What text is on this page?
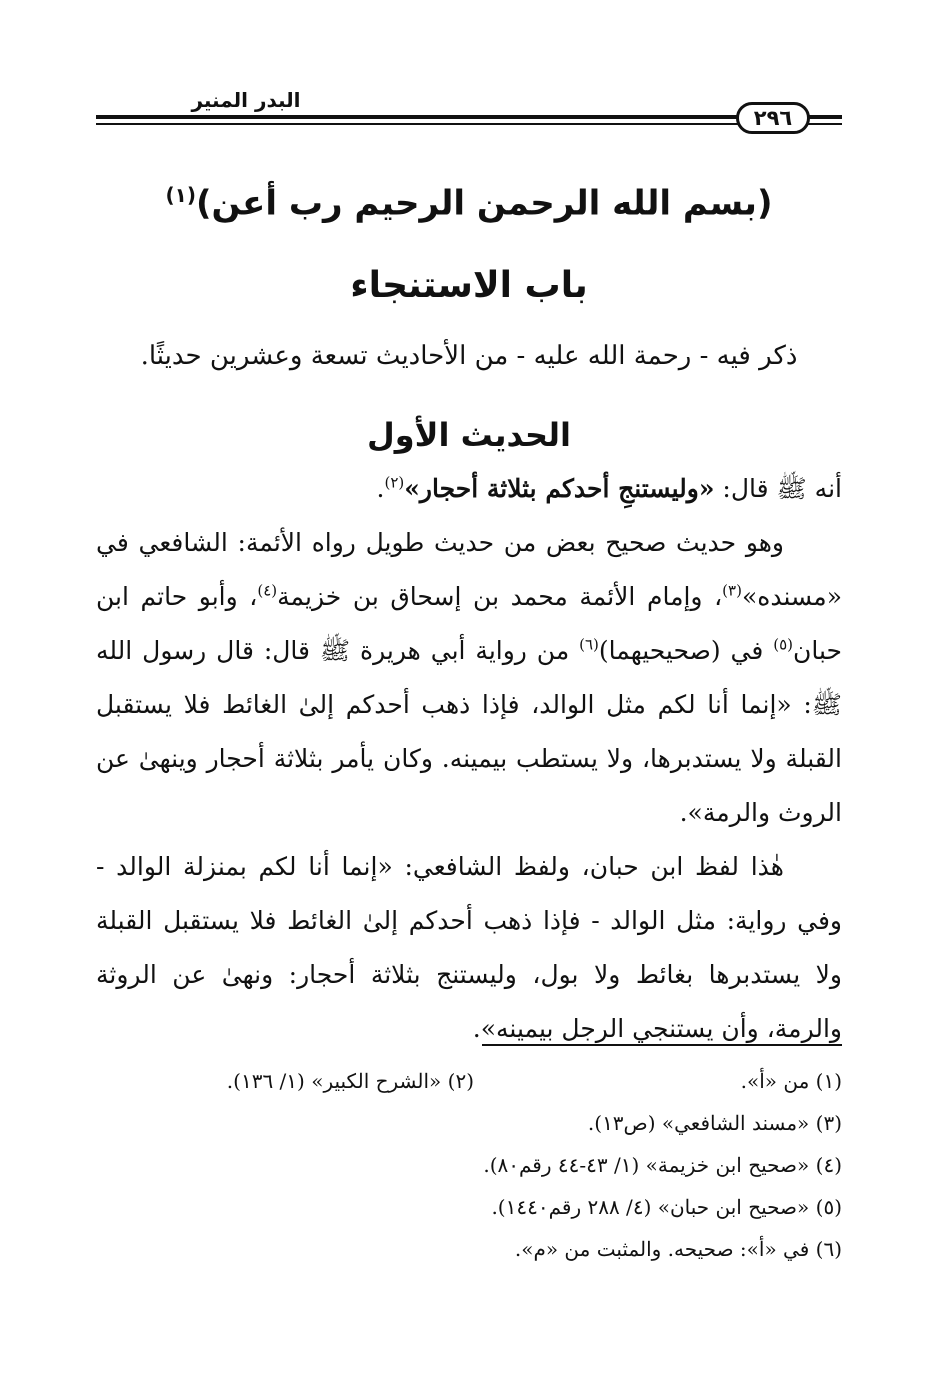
البدر المنير
٢٩٦
(بسم الله الرحمن الرحيم رب أعن)$^{(١)}$
باب الاستنجاء
ذكر فيه - رحمة الله عليه - من الأحاديث تسعة وعشرين حديثًا.
الحديث الأول

أنه ﷺ قال: «وليستنجِ أحدكم بثلاثة أحجار»$^{(٢)}$.

وهو حديث صحيح بعض من حديث طويل رواه الأئمة: الشافعي في «مسنده»$^{(٣)}$، وإمام الأئمة محمد بن إسحاق بن خزيمة$^{(٤)}$، وأبو حاتم ابن حبان$^{(٥)}$ في (صحيحيهما)$^{(٦)}$ من رواية أبي هريرة ﷺ قال: قال رسول الله ﷺ: «إنما أنا لكم مثل الوالد، فإذا ذهب أحدكم إلىٰ الغائط فلا يستقبل القبلة ولا يستدبرها، ولا يستطب بيمينه. وكان يأمر بثلاثة أحجار وينهىٰ عن الروث والرمة».

هٰذا لفظ ابن حبان، ولفظ الشافعي: «إنما أنا لكم بمنزلة الوالد - وفي رواية: مثل الوالد - فإذا ذهب أحدكم إلىٰ الغائط فلا يستقبل القبلة ولا يستدبرها بغائط ولا بول، وليستنج بثلاثة أحجار: ونهىٰ عن الروثة والرمة، وأن يستنجي الرجل بيمينه».

(١) من «أ».
(٢) «الشرح الكبير» (١/ ١٣٦).
(٣) «مسند الشافعي» (ص١٣).
(٤) «صحيح ابن خزيمة» (١/ ٤٣-٤٤ رقم٨٠).
(٥) «صحيح ابن حبان» (٤/ ٢٨٨ رقم١٤٤٠).
(٦) في «أ»: صحيحه. والمثبت من «م».
